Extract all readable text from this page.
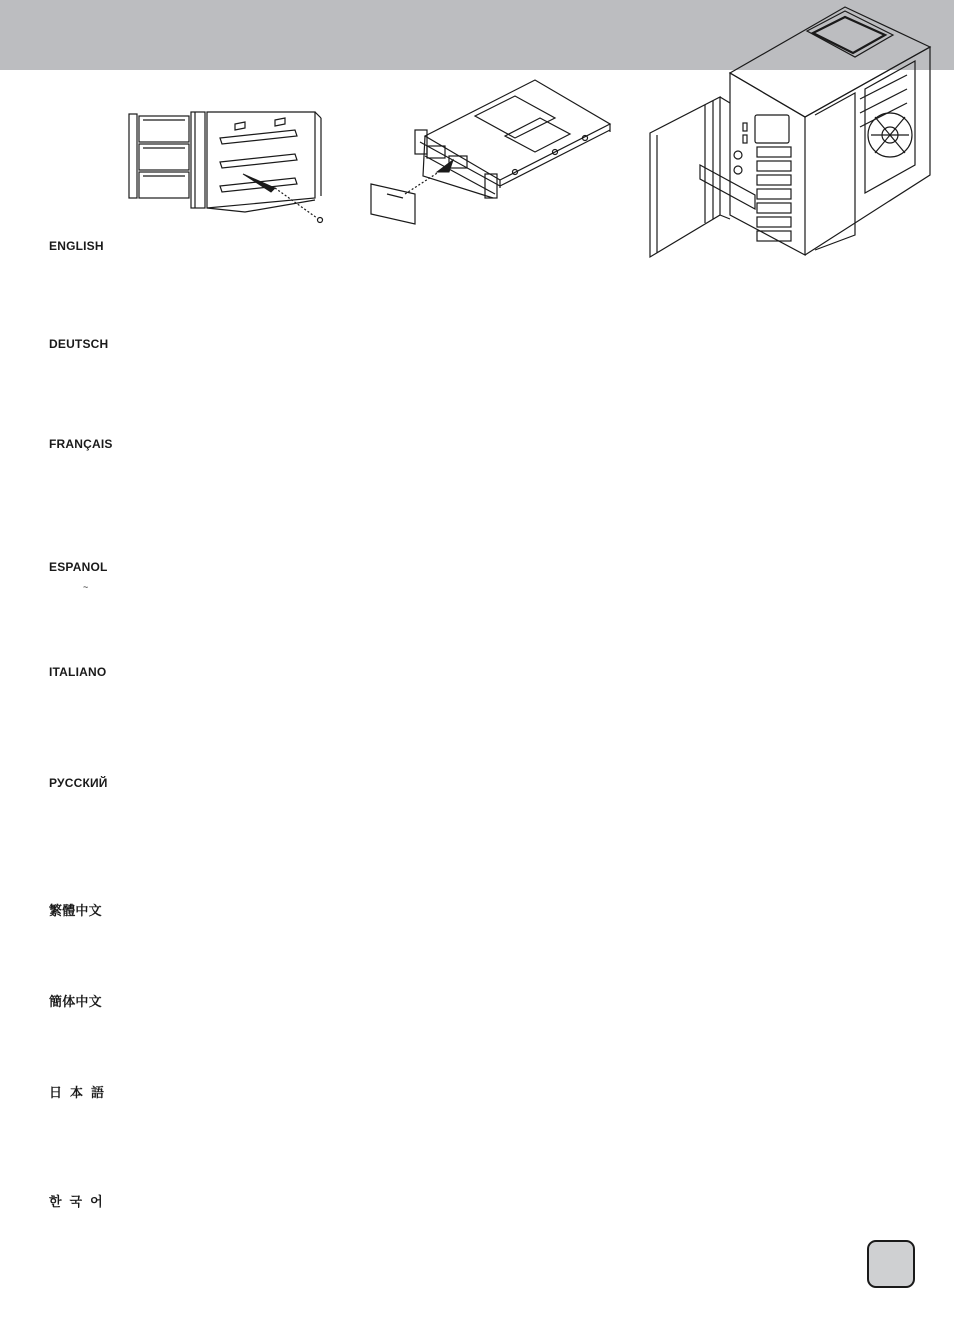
ENGLISH
DEUTSCH
FRANÇAIS
ESPANOL
~
ITALIANO
РУССКИЙ
繁體中文
簡体中文
日本語
한국어
